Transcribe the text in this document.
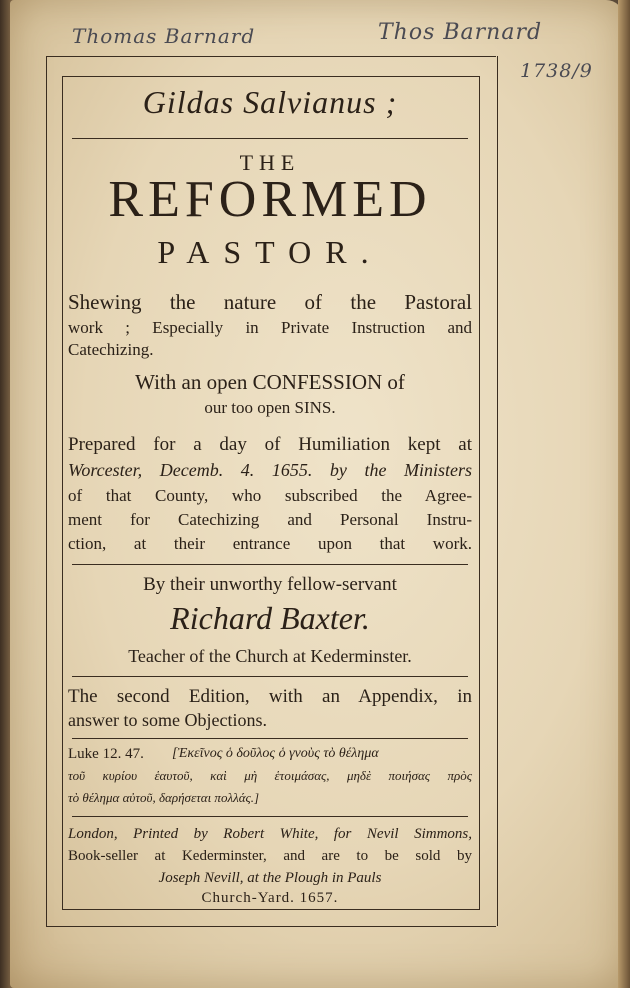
Thomas Barnard	Thos Barnard
1738/9
Gildas Salvianus ;
THE
REFORMED
PASTOR.
Shewing the nature of the Pastoral
work ; Especially in Private Instruction and
Catechizing.
With an open CONFESSION of
our too open SINS.
Prepared for a day of Humiliation kept at
Worcester, Decemb. 4. 1655. by the Ministers
of that County, who subscribed the Agree-
ment for Catechizing and Personal Instru-
ction, at their entrance upon that work.
By their unworthy fellow-servant
Richard Baxter.
Teacher of the Church at Kederminster.
The second Edition, with an Appendix, in
answer to some Objections.
Luke 12. 47. [Ἐκεῖνος ὁ δοῦλος ὁ γνοὺς τὸ θέλημα
τοῦ κυρίου ἑαυτοῦ, καὶ μὴ ἑτοιμάσας, μηδὲ ποιήσας πρὸς
τὸ θέλημα αὐτοῦ, δαρήσεται πολλάς.]
London, Printed by Robert White, for Nevil Simmons,
Book-seller at Kederminster, and are to be sold by
Joseph Nevill, at the Plough in Pauls
Church-Yard. 1657.
